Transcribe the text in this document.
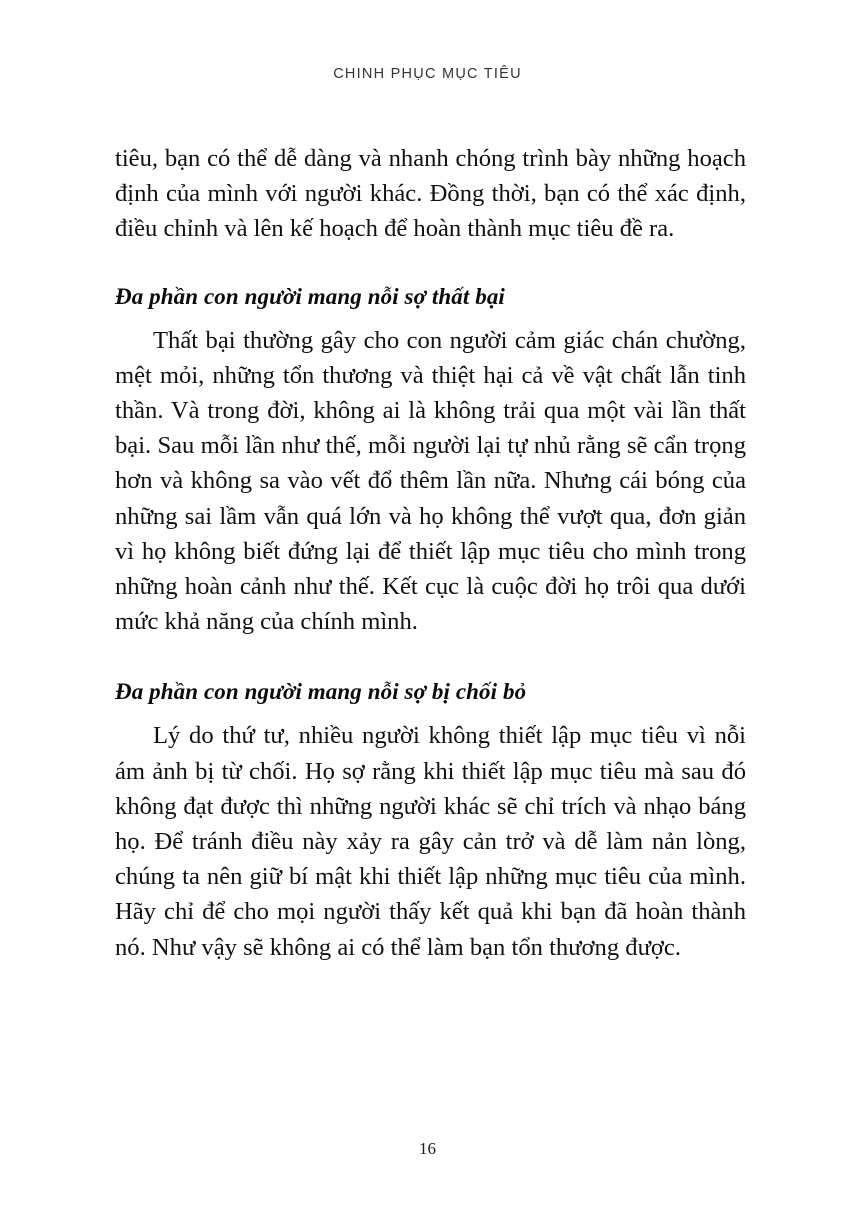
CHINH PHỤC MỤC TIÊU

tiêu, bạn có thể dễ dàng và nhanh chóng trình bày những hoạch định của mình với người khác. Đồng thời, bạn có thể xác định, điều chỉnh và lên kế hoạch để hoàn thành mục tiêu đề ra.

Đa phần con người mang nỗi sợ thất bại

Thất bại thường gây cho con người cảm giác chán chường, mệt mỏi, những tổn thương và thiệt hại cả về vật chất lẫn tinh thần. Và trong đời, không ai là không trải qua một vài lần thất bại. Sau mỗi lần như thế, mỗi người lại tự nhủ rằng sẽ cẩn trọng hơn và không sa vào vết đổ thêm lần nữa. Nhưng cái bóng của những sai lầm vẫn quá lớn và họ không thể vượt qua, đơn giản vì họ không biết đứng lại để thiết lập mục tiêu cho mình trong những hoàn cảnh như thế. Kết cục là cuộc đời họ trôi qua dưới mức khả năng của chính mình.

Đa phần con người mang nỗi sợ bị chối bỏ

Lý do thứ tư, nhiều người không thiết lập mục tiêu vì nỗi ám ảnh bị từ chối. Họ sợ rằng khi thiết lập mục tiêu mà sau đó không đạt được thì những người khác sẽ chỉ trích và nhạo báng họ. Để tránh điều này xảy ra gây cản trở và dễ làm nản lòng, chúng ta nên giữ bí mật khi thiết lập những mục tiêu của mình. Hãy chỉ để cho mọi người thấy kết quả khi bạn đã hoàn thành nó. Như vậy sẽ không ai có thể làm bạn tổn thương được.

16
